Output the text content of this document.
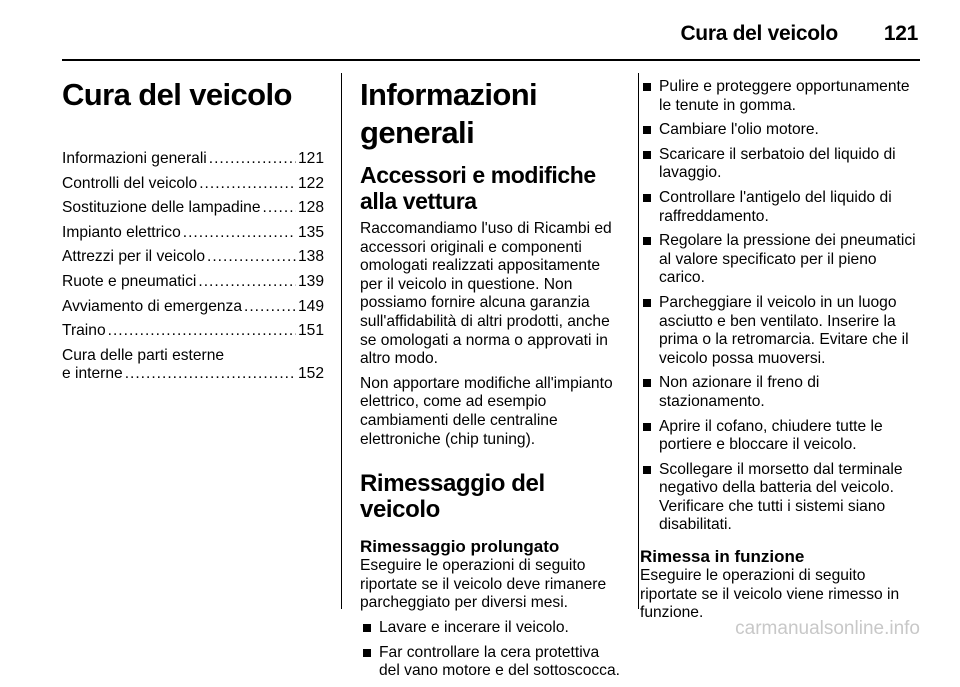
Cura del veicolo 121
Cura del veicolo
Informazioni generali .....	121
Controlli del veicolo .....	122
Sostituzione delle lampadine ..... 128
Impianto elettrico .....	135
Attrezzi per il veicolo .....	138
Ruote e pneumatici .....	139
Avviamento di emergenza .....	149
Traino .....	151
Cura delle parti esterne
e interne .....	152
Informazioni generali
Accessori e modifiche alla vettura

Raccomandiamo l'uso di Ricambi ed accessori originali e componenti omologati realizzati appositamente per il veicolo in questione. Non possiamo fornire alcuna garanzia sull'affidabilità di altri prodotti, anche se omologati a norma o approvati in altro modo.

Non apportare modifiche all'impianto elettrico, come ad esempio cambiamenti delle centraline elettroniche (chip tuning).

Rimessaggio del veicolo
Rimessaggio prolungato

Eseguire le operazioni di seguito riportate se il veicolo deve rimanere parcheggiato per diversi mesi.

Lavare e incerare il veicolo.
Far controllare la cera protettiva del vano motore e del sottoscocca.
Pulire e proteggere opportunamente le tenute in gomma.
Cambiare l'olio motore.
Scaricare il serbatoio del liquido di lavaggio.
Controllare l'antigelo del liquido di raffreddamento.
Regolare la pressione dei pneumatici al valore specificato per il pieno carico.
Parcheggiare il veicolo in un luogo asciutto e ben ventilato. Inserire la prima o la retromarcia. Evitare che il veicolo possa muoversi.
Non azionare il freno di stazionamento.
Aprire il cofano, chiudere tutte le portiere e bloccare il veicolo.
Scollegare il morsetto dal terminale negativo della batteria del veicolo. Verificare che tutti i sistemi siano disabilitati.
Rimessa in funzione

Eseguire le operazioni di seguito riportate se il veicolo viene rimesso in funzione.

carmanualsonline.info
